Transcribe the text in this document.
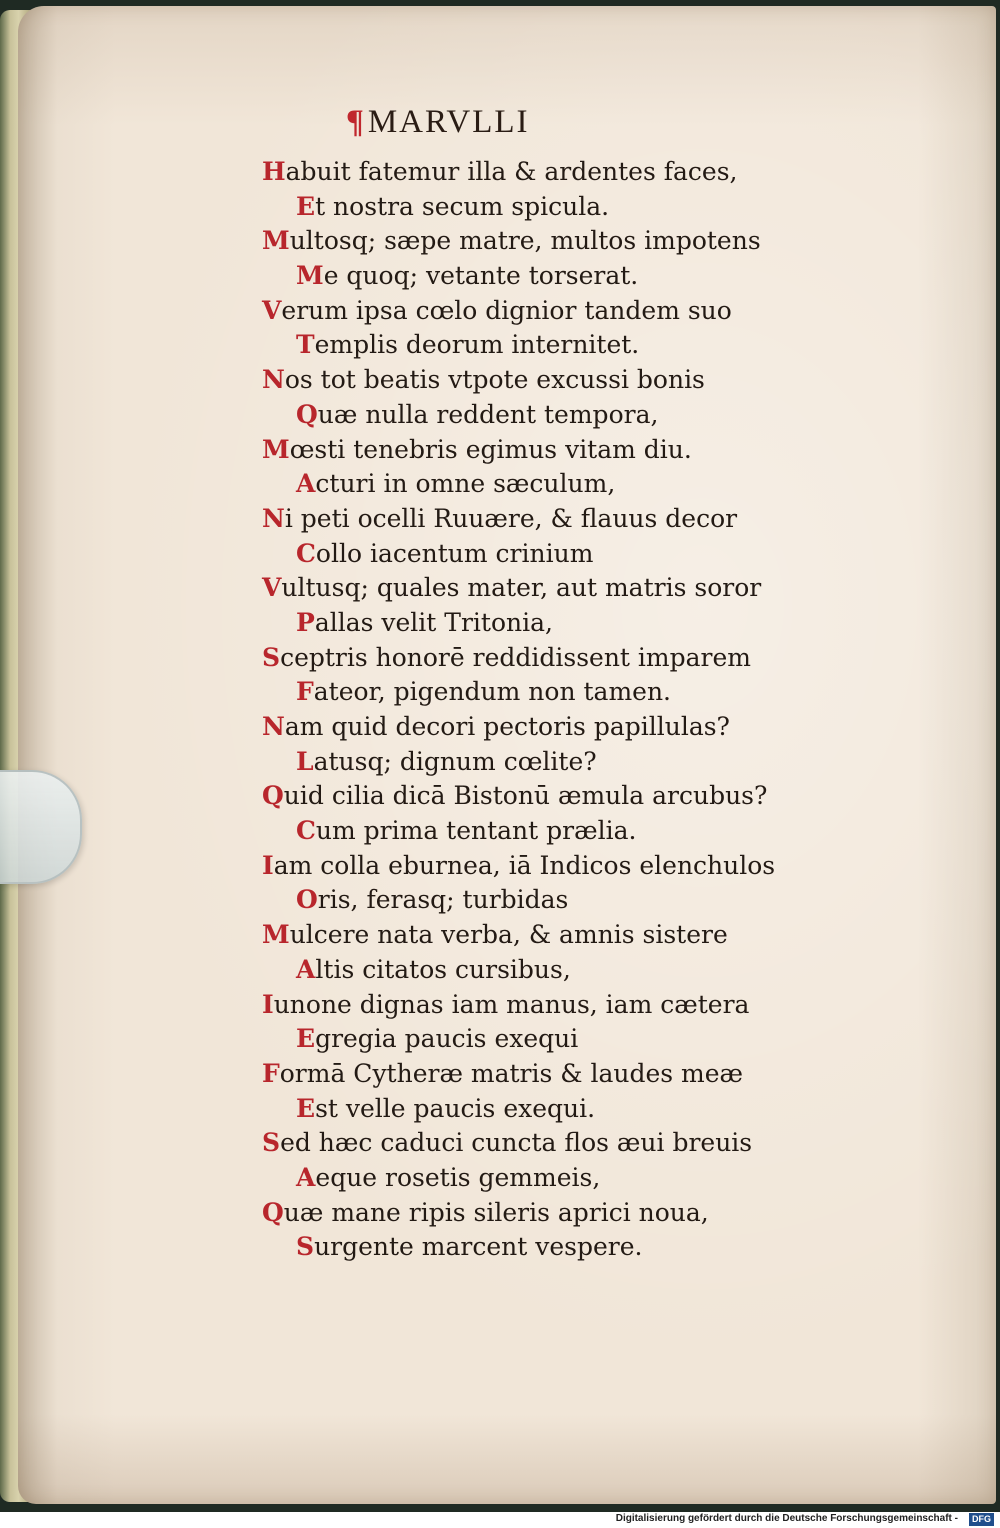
¶MARVLLI
Habuit fatemur illa & ardentes faces,
Et nostra secum spicula.
Multosq; sæpe matre, multos impotens
Me quoq; vetante torserat.
Verum ipsa cœlo dignior tandem suo
Templis deorum internitet.
Nos tot beatis vtpote excussi bonis
Quæ nulla reddent tempora,
Mœsti tenebris egimus vitam diu.
Acturi in omne sæculum,
Ni peti ocelli Ruuære, & flauus decor
Collo iacentum crinium
Vultusq; quales mater, aut matris soror
Pallas velit Tritonia,
Sceptris honorē reddidissent imparem
Fateor, pigendum non tamen.
Nam quid decori pectoris papillulas?
Latusq; dignum cœlite?
Quid cilia dicā Bistonū æmula arcubus?
Cum prima tentant prælia.
Iam colla eburnea, iā Indicos elenchulos
Oris, ferasq; turbidas
Mulcere nata verba, & amnis sistere
Altis citatos cursibus,
Iunone dignas iam manus, iam cætera
Egregia paucis exequi
Formā Cytheræ matris & laudes meæ
Est velle paucis exequi.
Sed hæc caduci cuncta flos æui breuis
Aeque rosetis gemmeis,
Quæ mane ripis sileris aprici noua,
Surgente marcent vespere.
Digitalisierung gefördert durch die Deutsche Forschungsgemeinschaft -	DFG
